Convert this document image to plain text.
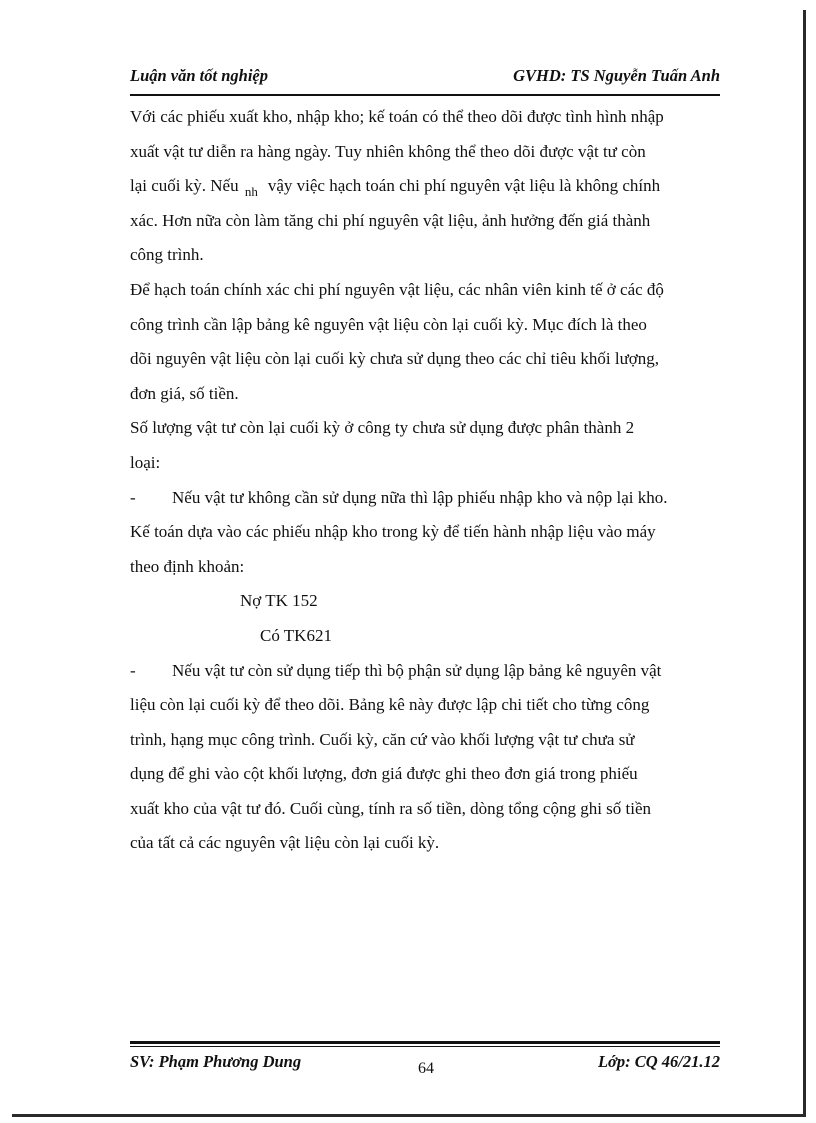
Luận văn tốt nghiệp	GVHD: TS Nguyễn Tuấn Anh
Với các phiếu xuất kho, nhập kho; kế toán có thể theo dõi được tình hình nhập
xuất vật tư diễn ra hàng ngày. Tuy nhiên không thể theo dõi được vật tư còn
lại cuối kỳ. Nếu $_{nh}$ vậy việc hạch toán chi phí nguyên vật liệu là không chính
xác. Hơn nữa còn làm tăng chi phí nguyên vật liệu, ảnh hưởng đến giá thành
công trình.
Để hạch toán chính xác chi phí nguyên vật liệu, các nhân viên kinh tế ở các độ
công trình cần lập bảng kê nguyên vật liệu còn lại cuối kỳ. Mục đích là theo
dõi nguyên vật liệu còn lại cuối kỳ chưa sử dụng theo các chỉ tiêu khối lượng,
đơn giá, số tiền.
Số lượng vật tư còn lại cuối kỳ ở công ty chưa sử dụng được phân thành 2
loại:
- Nếu vật tư không cần sử dụng nữa thì lập phiếu nhập kho và nộp lại kho.
Kế toán dựa vào các phiếu nhập kho trong kỳ để tiến hành nhập liệu vào máy
theo định khoản:
Nợ TK 152
Có TK621
- Nếu vật tư còn sử dụng tiếp thì bộ phận sử dụng lập bảng kê nguyên vật
liệu còn lại cuối kỳ để theo dõi. Bảng kê này được lập chi tiết cho từng công
trình, hạng mục công trình. Cuối kỳ, căn cứ vào khối lượng vật tư chưa sử
dụng để ghi vào cột khối lượng, đơn giá được ghi theo đơn giá trong phiếu
xuất kho của vật tư đó. Cuối cùng, tính ra số tiền, dòng tổng cộng ghi số tiền
của tất cả các nguyên vật liệu còn lại cuối kỳ.
SV: Phạm Phương Dung	Lớp: CQ 46/21.12
64
